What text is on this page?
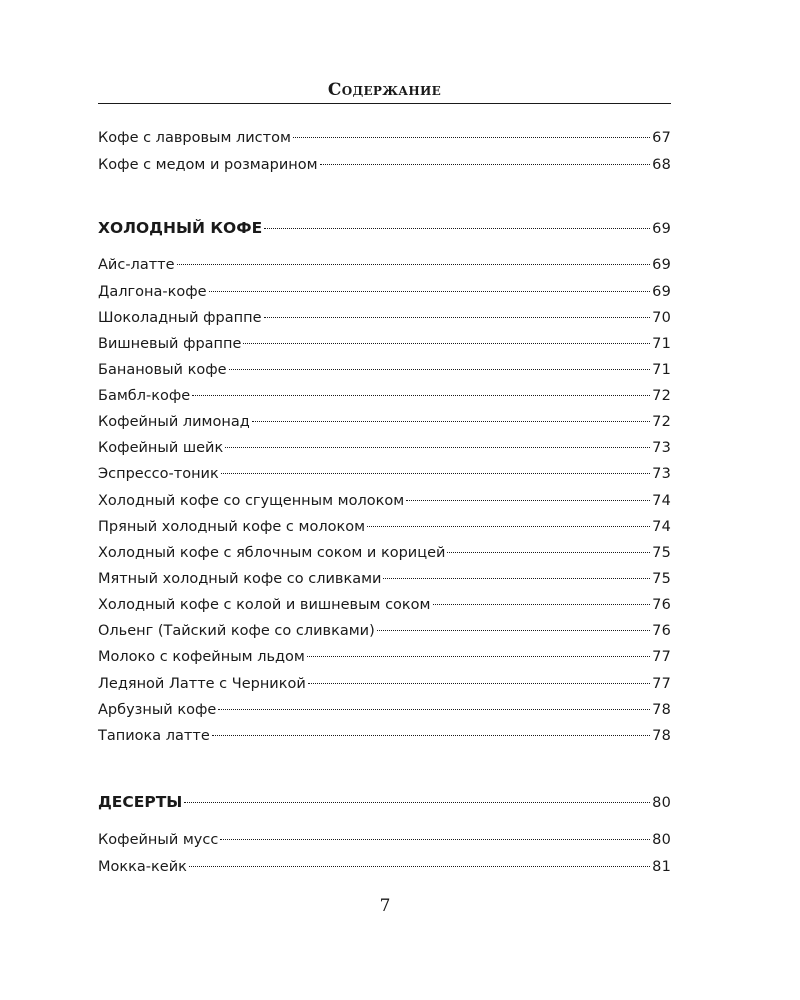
Содержание
Кофе с лавровым листом	67
Кофе с медом и розмарином	68
ХОЛОДНЫЙ КОФЕ	69
Айс-латте	69
Далгона-кофе	69
Шоколадный фраппе	70
Вишневый фраппе	71
Банановый кофе	71
Бамбл-кофе	72
Кофейный лимонад	72
Кофейный шейк	73
Эспрессо-тоник	73
Холодный кофе со сгущенным молоком	74
Пряный холодный кофе с молоком	74
Холодный кофе с яблочным соком и корицей	75
Мятный холодный кофе со сливками	75
Холодный кофе с колой и вишневым соком	76
Ольенг (Тайский кофе со сливками)	76
Молоко с кофейным льдом	77
Ледяной Латте с Черникой	77
Арбузный кофе	78
Тапиока латте	78
ДЕСЕРТЫ	80
Кофейный мусс	80
Мокка-кейк	81
7
